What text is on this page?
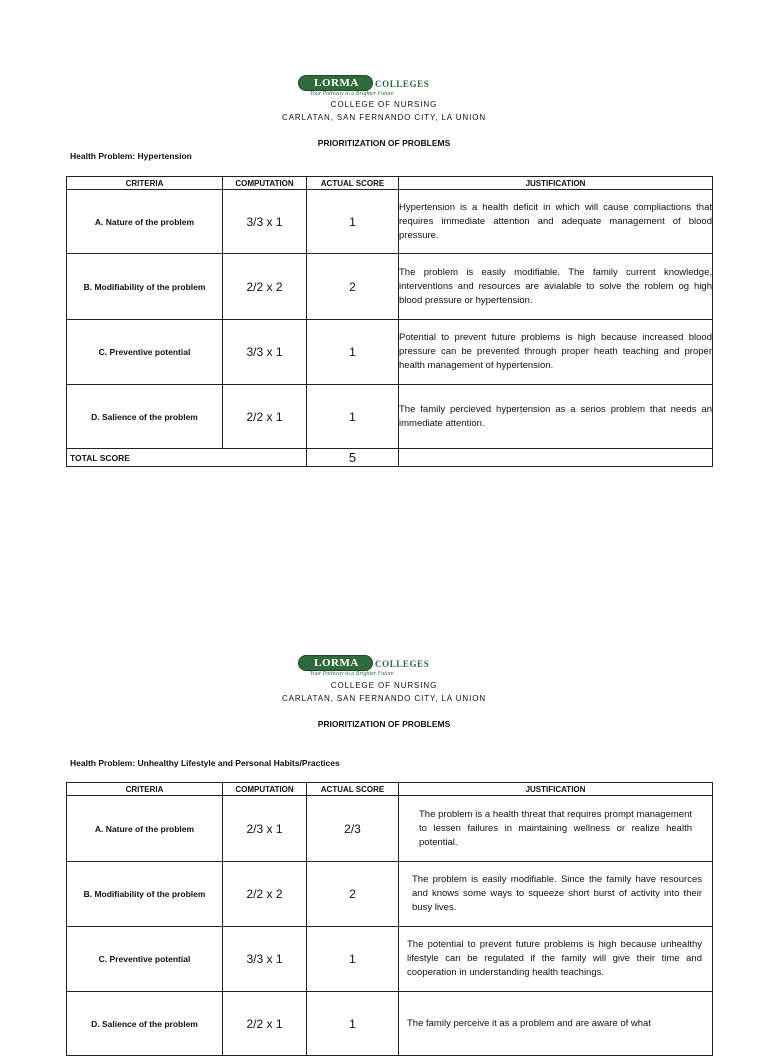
LORMA	COLLEGES
Your Pathway to a Brighter Future
COLLEGE OF NURSING
CARLATAN, SAN FERNANDO CITY, LA UNION
PRIORITIZATION OF PROBLEMS
Health Problem: Hypertension
CRITERIA	COMPUTATION	ACTUAL SCORE	JUSTIFICATION
A. Nature of the problem	3/3 x 1	1	Hypertension is a health deficit in which will cause compliactions that requires immediate attention and adequate management of blood pressure.
B. Modifiability of the problem	2/2 x 2	2	The problem is easily modifiable. The family current knowledge, interventions and resources are avialable to solve the roblem og high blood pressure or hypertension.
C. Preventive potential	3/3 x 1	1	Potential to prevent future problems is high because increased blood pressure can be prevented through proper heath teaching and proper health management of hypertension.
D. Salience of the problem	2/2 x 1	1	The family percieved hypertension as a serios problem that needs an immediate attention.
TOTAL SCORE		5	
LORMA	COLLEGES
Your Pathway to a Brighter Future
COLLEGE OF NURSING
CARLATAN, SAN FERNANDO CITY, LA UNION
PRIORITIZATION OF PROBLEMS
Health Problem: Unhealthy Lifestyle and Personal Habits/Practices
CRITERIA	COMPUTATION	ACTUAL SCORE	JUSTIFICATION
A. Nature of the problem	2/3 x 1	2/3	The problem is a health threat that requires prompt management to lessen failures in maintaining wellness or realize health potential.
B. Modifiability of the problem	2/2 x 2	2	The problem is easily modifiable. Since the family have resources and knows some ways to squeeze short burst of activity into their busy lives.
C. Preventive potential	3/3 x 1	1	The potential to prevent future problems is high because unhealthy lifestyle can be regulated if the family will give their time and cooperation in understanding health teachings.
D. Salience of the problem	2/2 x 1	1	The family perceive it as a problem and are aware of what
